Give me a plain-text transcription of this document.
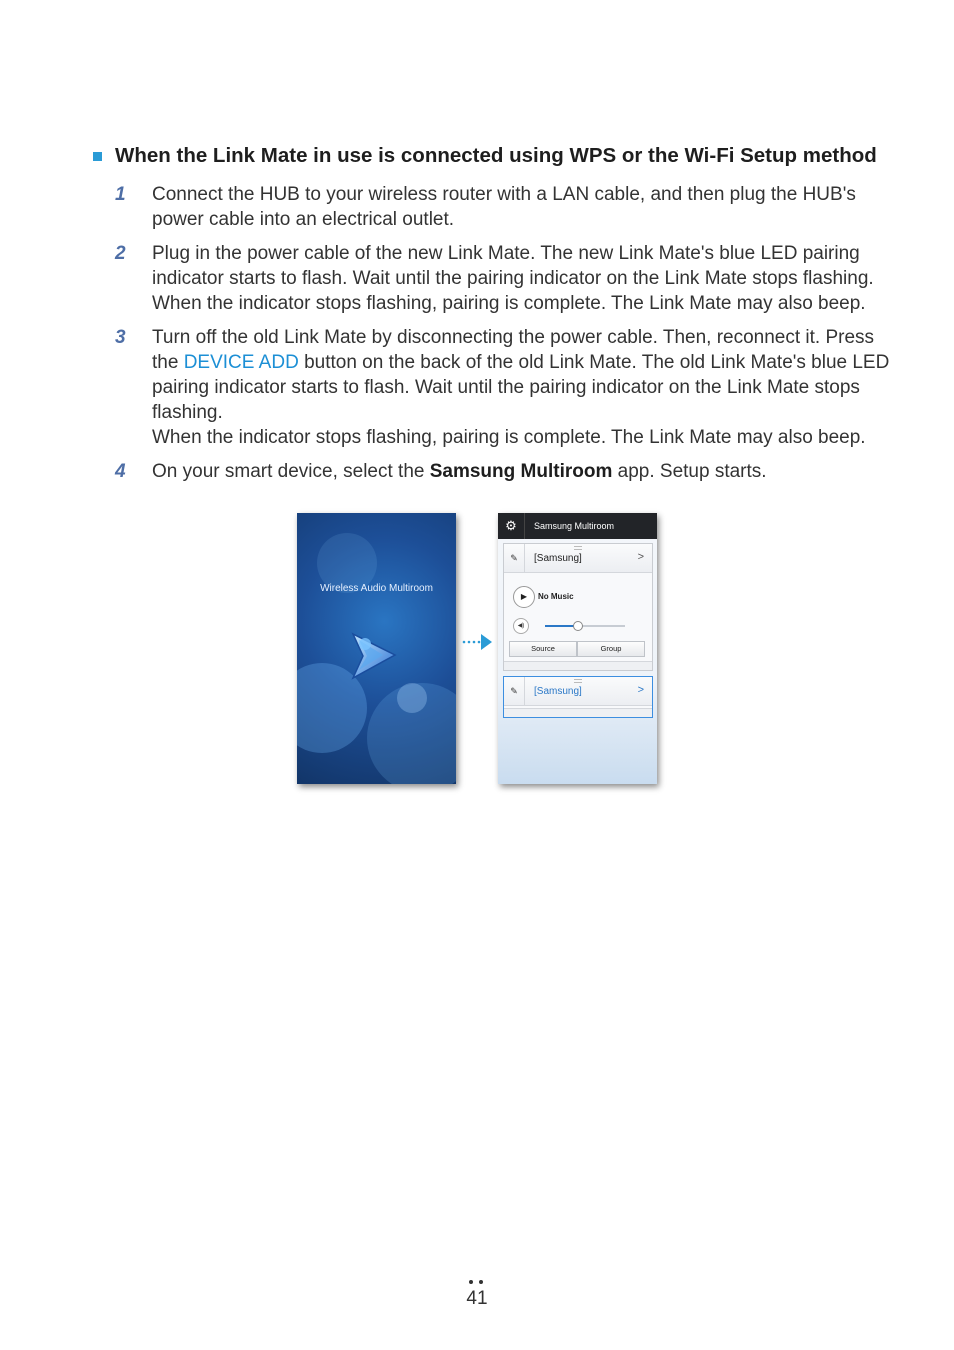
When the Link Mate in use is connected using WPS or the Wi-Fi Setup method
1 Connect the HUB to your wireless router with a LAN cable, and then plug the HUB's power cable into an electrical outlet.

2 Plug in the power cable of the new Link Mate. The new Link Mate's blue LED pairing indicator starts to flash. Wait until the pairing indicator on the Link Mate stops flashing. When the indicator stops flashing, pairing is complete. The Link Mate may also beep.

3 Turn off the old Link Mate by disconnecting the power cable. Then, reconnect it. Press the DEVICE ADD button on the back of the old Link Mate. The old Link Mate's blue LED pairing indicator starts to flash. Wait until the pairing indicator on the Link Mate stops flashing.

When the indicator stops flashing, pairing is complete. The Link Mate may also beep.

4 On your smart device, select the Samsung Multiroom app. Setup starts.

Wireless Audio Multiroom
⚙	Samsung Multiroom
✎	[Samsung]	>
▶	No Music
◀)
Source	Group
✎	[Samsung]	>
41
